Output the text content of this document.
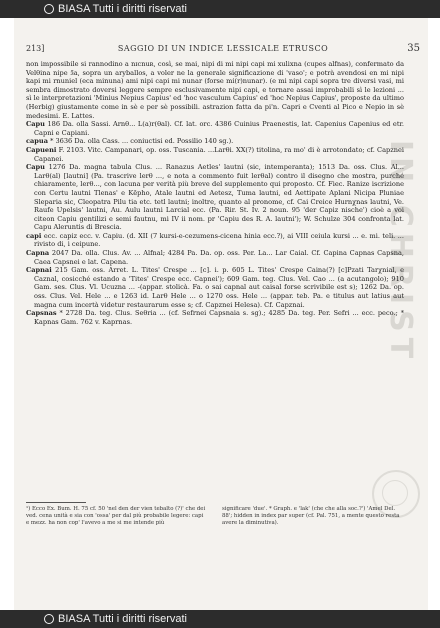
BIASA Tutti i diritti riservati
IN CHRIST
213]	SAGGIO DI UN INDICE LESSICALE ETRUSCO	35

non impossibile si rannodino a nɪcnuʀ, così, se mai, nipi di mi nipi capi mi xulixna (cupes alfnas), confermato da Velθina nipe ɜ̃a, sopra un aryballos, a voler ne la generale significazione di 'vaso'; e potrà avendosi en mi nipi kapi mi rnuniel (eca minuna) ami nipi capi mi nunar (forse mi(r)nunar). (e mi nipi capi sopra tre diversi vasi, mi sembra dimostrato doversi leggere sempre esclusivamente nipi capi, e tornare assai improbabili sì le lezioni ... sì le interpretazioni 'Minius Nepius Capius' ed 'hoc vasculum Capius' ed 'hoc Nepius Capius', proposte da ultimo (Herbig) giustamente come in sè e per sè possibili. astrazion fatta da pi'n. Capri e Cventi al Pico e Nepio in sè medesimi. E. Lattes.

Capu 186 Da. olla Sassi. Arnθ... L(a)r(θal). Cf. lat. orc. 4386 Cuinius Praenestis, lat. Capenius Capenius ed etr. Capni e Capiani.

capua * 3636 Da. olla Cass. ... coniuctisi ed. Possilio 140 sg.).

Capueni F. 2103. Vitc. Campanari, op. oss. Tuscania. ...Larθi. XX(?) titolina, ra mo' di è arrotondato; cf. Capznei Capanei.

Capu 1276 Da. magna tabula Clus. ... Ranazus Aetles' lautni (sic, intemperanta); 1513 Da. oss. Clus. Al... Larθ(al) [lautni] (Pa. trascrive lerθ ..., e nota a commento fuit lerθal) contro il disegno che mostra, purché chiaramente, lerθ..., con lacuna per verità più breve del supplemento qui proposto. Cf. Fiec. Ranize iscrizione con Certu lautni Tlenas' e Kēpho, Atale lautni ed Aetesz, Tuma lautni, ed Aettipate Aplani Nicipa Pluniae Sleparia sic, Cleopatra Pilu tia etc. tetl lautni; inoltre, quanto al pronome, cf. Cai Creice Hurnχnas lautni, Ve. Raufe Upelsis' lautni, Au. Aulu lautni Larcial ecc. (Pa. Rir. St. Iv. 2 noun. 95 'der Capiz nische') cioè a voi citeon Capiu gentilizi e semi fautnu, mi IV ii nom. pr 'Capiu des R. A. lautni'); W. Schulze 304 confronta lat. Capu Aleruntis di Brescia.

capi ecc. capiz ecc. v. Capiu. (d. XII (7 kursi-e-cezumens-cicena hinia ecc.?), ai VIII ceiula kursi ... e. mi. teli. ... rivisto di, i ceipune.

Capna 2047 Da. olla. Clus. Av. ... Alfnal; 4284 Pa. Da. op. oss. Per. La... Lar Caial. Cf. Capina Capnas Capsna, Caea Capsnei e lat. Capena.

Capnai 215 Gam. oss. Arret. L. Tites' Crespe ... [c]. i. p. 605 L. Tites' Crespe Caina(?) [c]Pzati Tarχnial, e Caznal, cosicché estando a 'Tites' Crespe ecc. Capnei'); 609 Gam. teg. Clus. Vel. Cao ... (a acutangolo); 910 Gam. ses. Clus. Vl. Ucuzna ... -(appar. stolicà. Fa. o sai capnal aut caisal forse scrivibile est s); 1262 Da. op. oss. Clus. Vel. Hele ... e 1263 id. Larθ Hele ... o 1270 oss. Hele ... (appar. teb. Pa. e titulus aut latius aut magna cum incertà videtur restaurarum esse s; cf. Capznei Helesa). Cf. Capznai.

Capsnas * 2728 Da. teg. Clus. Seθria ... (cf. Sefrnei Capsnaia s. sg).; 4285 Da. teg. Per. Sefri ... ecc. peco.; * Kapnas Gam. 762 v. Kaprnas.

¹) Ecco Ex. Bum. H. 75 cf. 50 'nel den der vien tebalto (?)' che dei ved. cena unità e sia con 'ossa' per dal più probabile legere: capi e mezz. ha non cop' l'avevo a me si me intende più
significare 'due'. * Graph. e 'lak' (che che alla soc.?') 'Amel Del. 88'; hidden in index par super (cf. Pal. 751, a mente questo resta avere la diminutiva).
BIASA Tutti i diritti riservati
